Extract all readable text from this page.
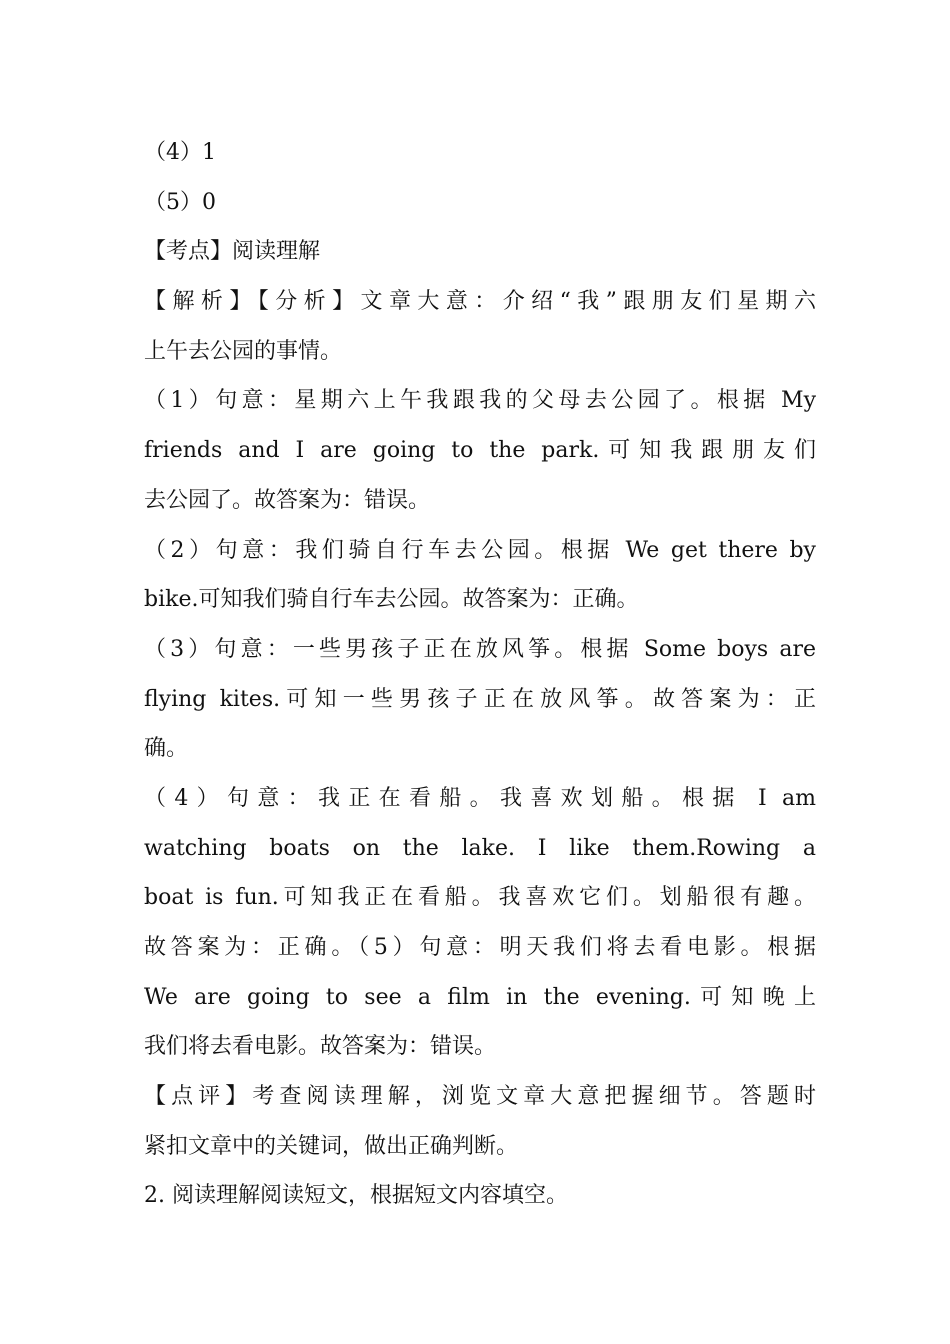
（4）1
（5）0
【考点】阅读理解
【解析】【分析】文章大意：介绍“我”跟朋友们星期六
上午去公园的事情。
（1）句意：星期六上午我跟我的父母去公园了。根据 My
friends and I are going to the park.可知我跟朋友们
去公园了。故答案为：错误。
（2）句意：我们骑自行车去公园。根据 We get there by
bike.可知我们骑自行车去公园。故答案为：正确。
（3）句意：一些男孩子正在放风筝。根据 Some boys are
flying kites.可知一些男孩子正在放风筝。故答案为：正
确。
（4）句意：我正在看船。我喜欢划船。根据 I am
watching boats on the lake. I like them.Rowing a
boat is fun.可知我正在看船。我喜欢它们。划船很有趣。
故答案为：正确。（5）句意：明天我们将去看电影。根据
We are going to see a film in the evening.可知晚上
我们将去看电影。故答案为：错误。
【点评】考查阅读理解，浏览文章大意把握细节。答题时
紧扣文章中的关键词，做出正确判断。
2. 阅读理解阅读短文，根据短文内容填空。
